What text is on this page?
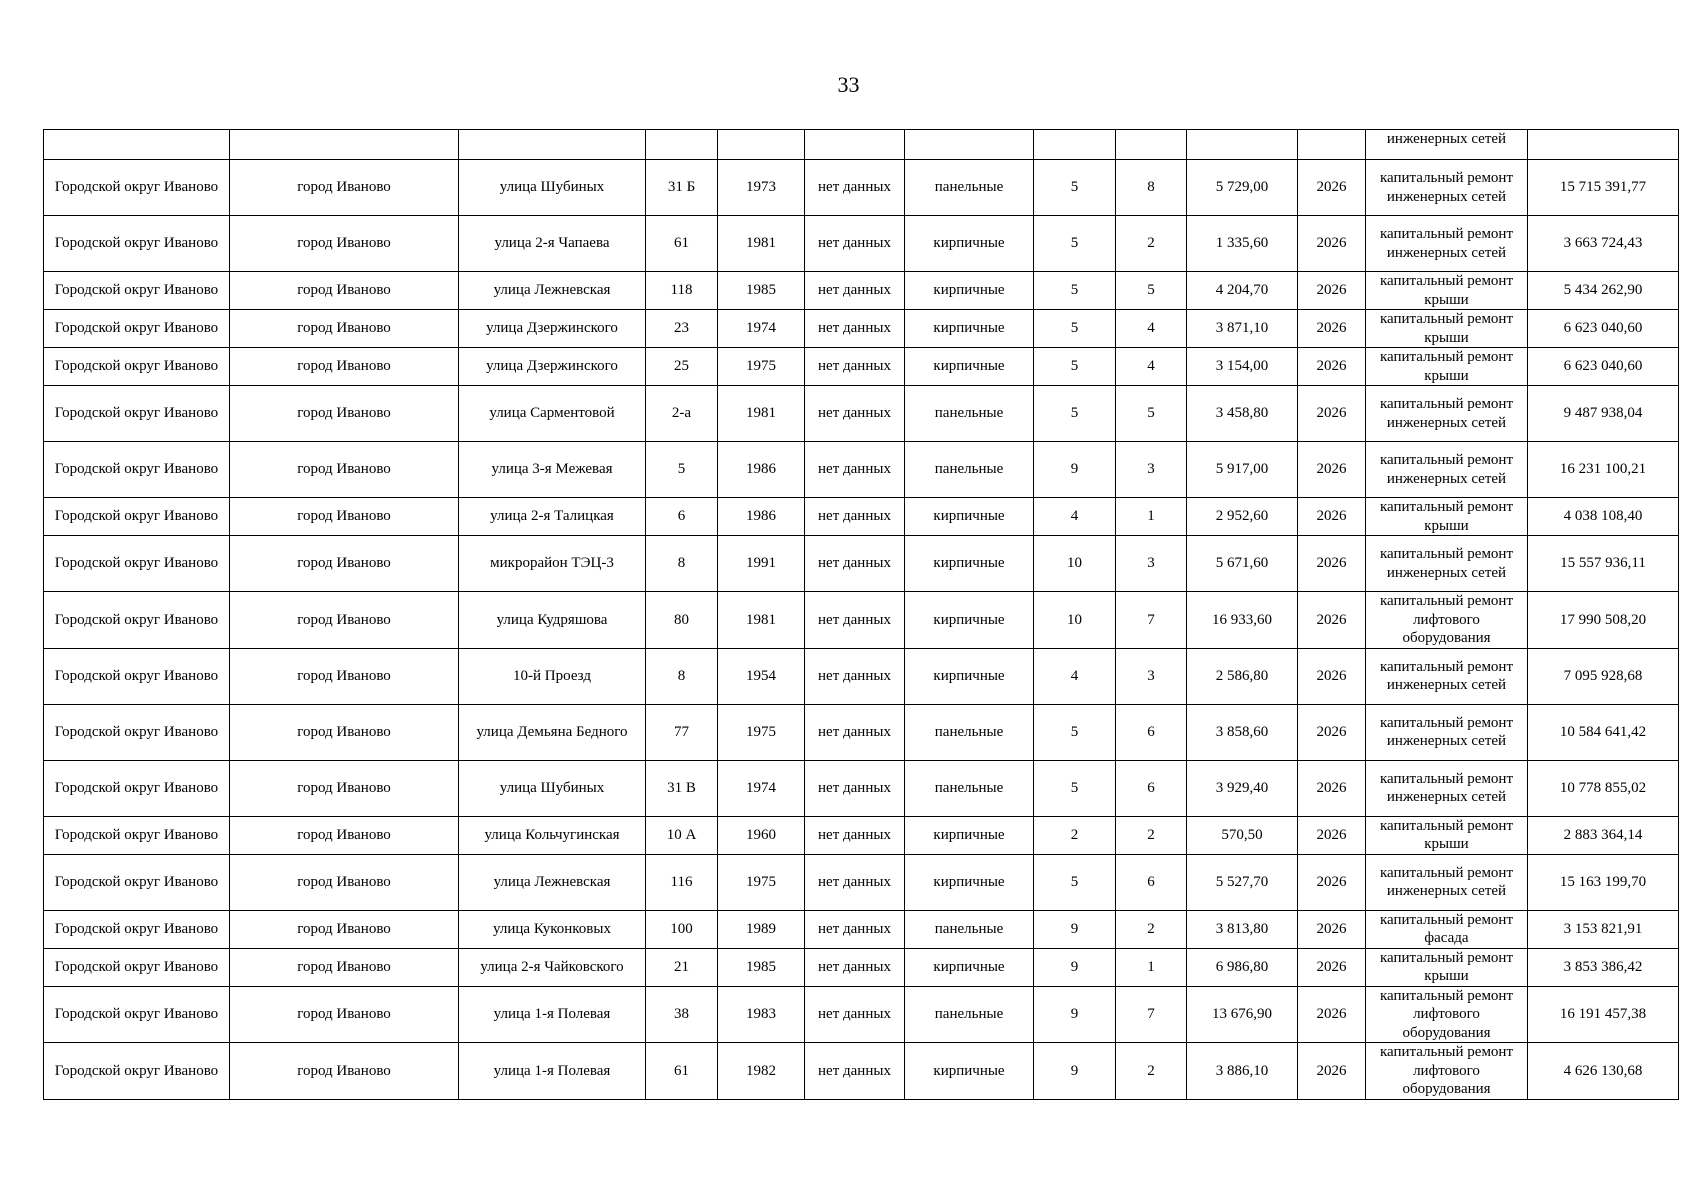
33
											инженерных сетей	
Городской округ Иваново	город Иваново	улица Шубиных	31 Б	1973	нет данных	панельные	5	8	5 729,00	2026	капитальный ремонт инженерных сетей	15 715 391,77
Городской округ Иваново	город Иваново	улица 2-я Чапаева	61	1981	нет данных	кирпичные	5	2	1 335,60	2026	капитальный ремонт инженерных сетей	3 663 724,43
Городской округ Иваново	город Иваново	улица Лежневская	118	1985	нет данных	кирпичные	5	5	4 204,70	2026	капитальный ремонт крыши	5 434 262,90
Городской округ Иваново	город Иваново	улица Дзержинского	23	1974	нет данных	кирпичные	5	4	3 871,10	2026	капитальный ремонт крыши	6 623 040,60
Городской округ Иваново	город Иваново	улица Дзержинского	25	1975	нет данных	кирпичные	5	4	3 154,00	2026	капитальный ремонт крыши	6 623 040,60
Городской округ Иваново	город Иваново	улица Сарментовой	2-а	1981	нет данных	панельные	5	5	3 458,80	2026	капитальный ремонт инженерных сетей	9 487 938,04
Городской округ Иваново	город Иваново	улица 3-я Межевая	5	1986	нет данных	панельные	9	3	5 917,00	2026	капитальный ремонт инженерных сетей	16 231 100,21
Городской округ Иваново	город Иваново	улица 2-я Талицкая	6	1986	нет данных	кирпичные	4	1	2 952,60	2026	капитальный ремонт крыши	4 038 108,40
Городской округ Иваново	город Иваново	микрорайон ТЭЦ-3	8	1991	нет данных	кирпичные	10	3	5 671,60	2026	капитальный ремонт инженерных сетей	15 557 936,11
Городской округ Иваново	город Иваново	улица Кудряшова	80	1981	нет данных	кирпичные	10	7	16 933,60	2026	капитальный ремонт лифтового оборудования	17 990 508,20
Городской округ Иваново	город Иваново	10-й Проезд	8	1954	нет данных	кирпичные	4	3	2 586,80	2026	капитальный ремонт инженерных сетей	7 095 928,68
Городской округ Иваново	город Иваново	улица Демьяна Бедного	77	1975	нет данных	панельные	5	6	3 858,60	2026	капитальный ремонт инженерных сетей	10 584 641,42
Городской округ Иваново	город Иваново	улица Шубиных	31 В	1974	нет данных	панельные	5	6	3 929,40	2026	капитальный ремонт инженерных сетей	10 778 855,02
Городской округ Иваново	город Иваново	улица Кольчугинская	10 А	1960	нет данных	кирпичные	2	2	570,50	2026	капитальный ремонт крыши	2 883 364,14
Городской округ Иваново	город Иваново	улица Лежневская	116	1975	нет данных	кирпичные	5	6	5 527,70	2026	капитальный ремонт инженерных сетей	15 163 199,70
Городской округ Иваново	город Иваново	улица Куконковых	100	1989	нет данных	панельные	9	2	3 813,80	2026	капитальный ремонт фасада	3 153 821,91
Городской округ Иваново	город Иваново	улица 2-я Чайковского	21	1985	нет данных	кирпичные	9	1	6 986,80	2026	капитальный ремонт крыши	3 853 386,42
Городской округ Иваново	город Иваново	улица 1-я Полевая	38	1983	нет данных	панельные	9	7	13 676,90	2026	капитальный ремонт лифтового оборудования	16 191 457,38
Городской округ Иваново	город Иваново	улица 1-я Полевая	61	1982	нет данных	кирпичные	9	2	3 886,10	2026	капитальный ремонт лифтового оборудования	4 626 130,68
